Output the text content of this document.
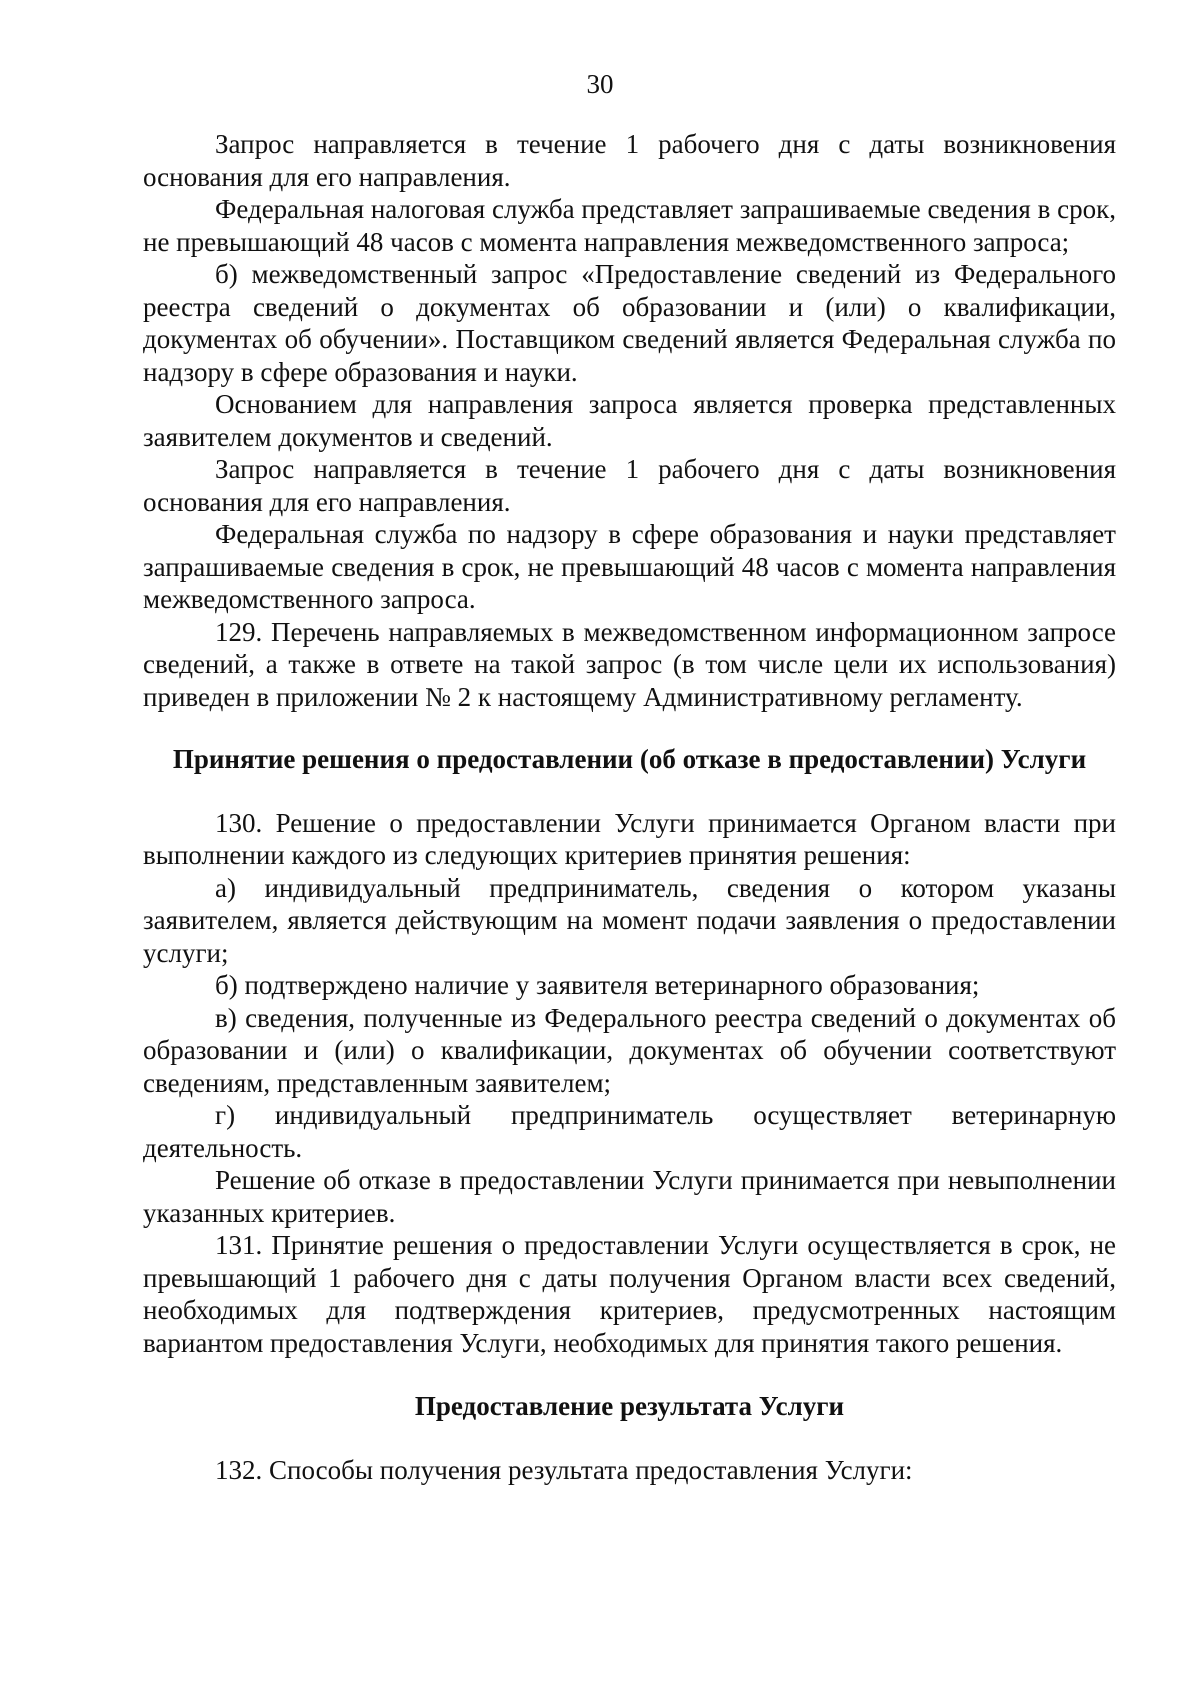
30

Запрос направляется в течение 1 рабочего дня с даты возникновения основания для его направления.

Федеральная налоговая служба представляет запрашиваемые сведения в срок, не превышающий 48 часов с момента направления межведомственного запроса;

б) межведомственный запрос «Предоставление сведений из Федерального реестра сведений о документах об образовании и (или) о квалификации, документах об обучении». Поставщиком сведений является Федеральная служба по надзору в сфере образования и науки.

Основанием для направления запроса является проверка представленных заявителем документов и сведений.

Запрос направляется в течение 1 рабочего дня с даты возникновения основания для его направления.

Федеральная служба по надзору в сфере образования и науки представляет запрашиваемые сведения в срок, не превышающий 48 часов с момента направления межведомственного запроса.

129. Перечень направляемых в межведомственном информационном запросе сведений, а также в ответе на такой запрос (в том числе цели их использования) приведен в приложении № 2 к настоящему Административному регламенту.

Принятие решения о предоставлении (об отказе в предоставлении) Услуги

130. Решение о предоставлении Услуги принимается Органом власти при выполнении каждого из следующих критериев принятия решения:

а) индивидуальный предприниматель, сведения о котором указаны заявителем, является действующим на момент подачи заявления о предоставлении услуги;

б) подтверждено наличие у заявителя ветеринарного образования;

в) сведения, полученные из Федерального реестра сведений о документах об образовании и (или) о квалификации, документах об обучении соответствуют сведениям, представленным заявителем;

г) индивидуальный предприниматель осуществляет ветеринарную деятельность.

Решение об отказе в предоставлении Услуги принимается при невыполнении указанных критериев.

131. Принятие решения о предоставлении Услуги осуществляется в срок, не превышающий 1 рабочего дня с даты получения Органом власти всех сведений, необходимых для подтверждения критериев, предусмотренных настоящим вариантом предоставления Услуги, необходимых для принятия такого решения.

Предоставление результата Услуги

132. Способы получения результата предоставления Услуги:
